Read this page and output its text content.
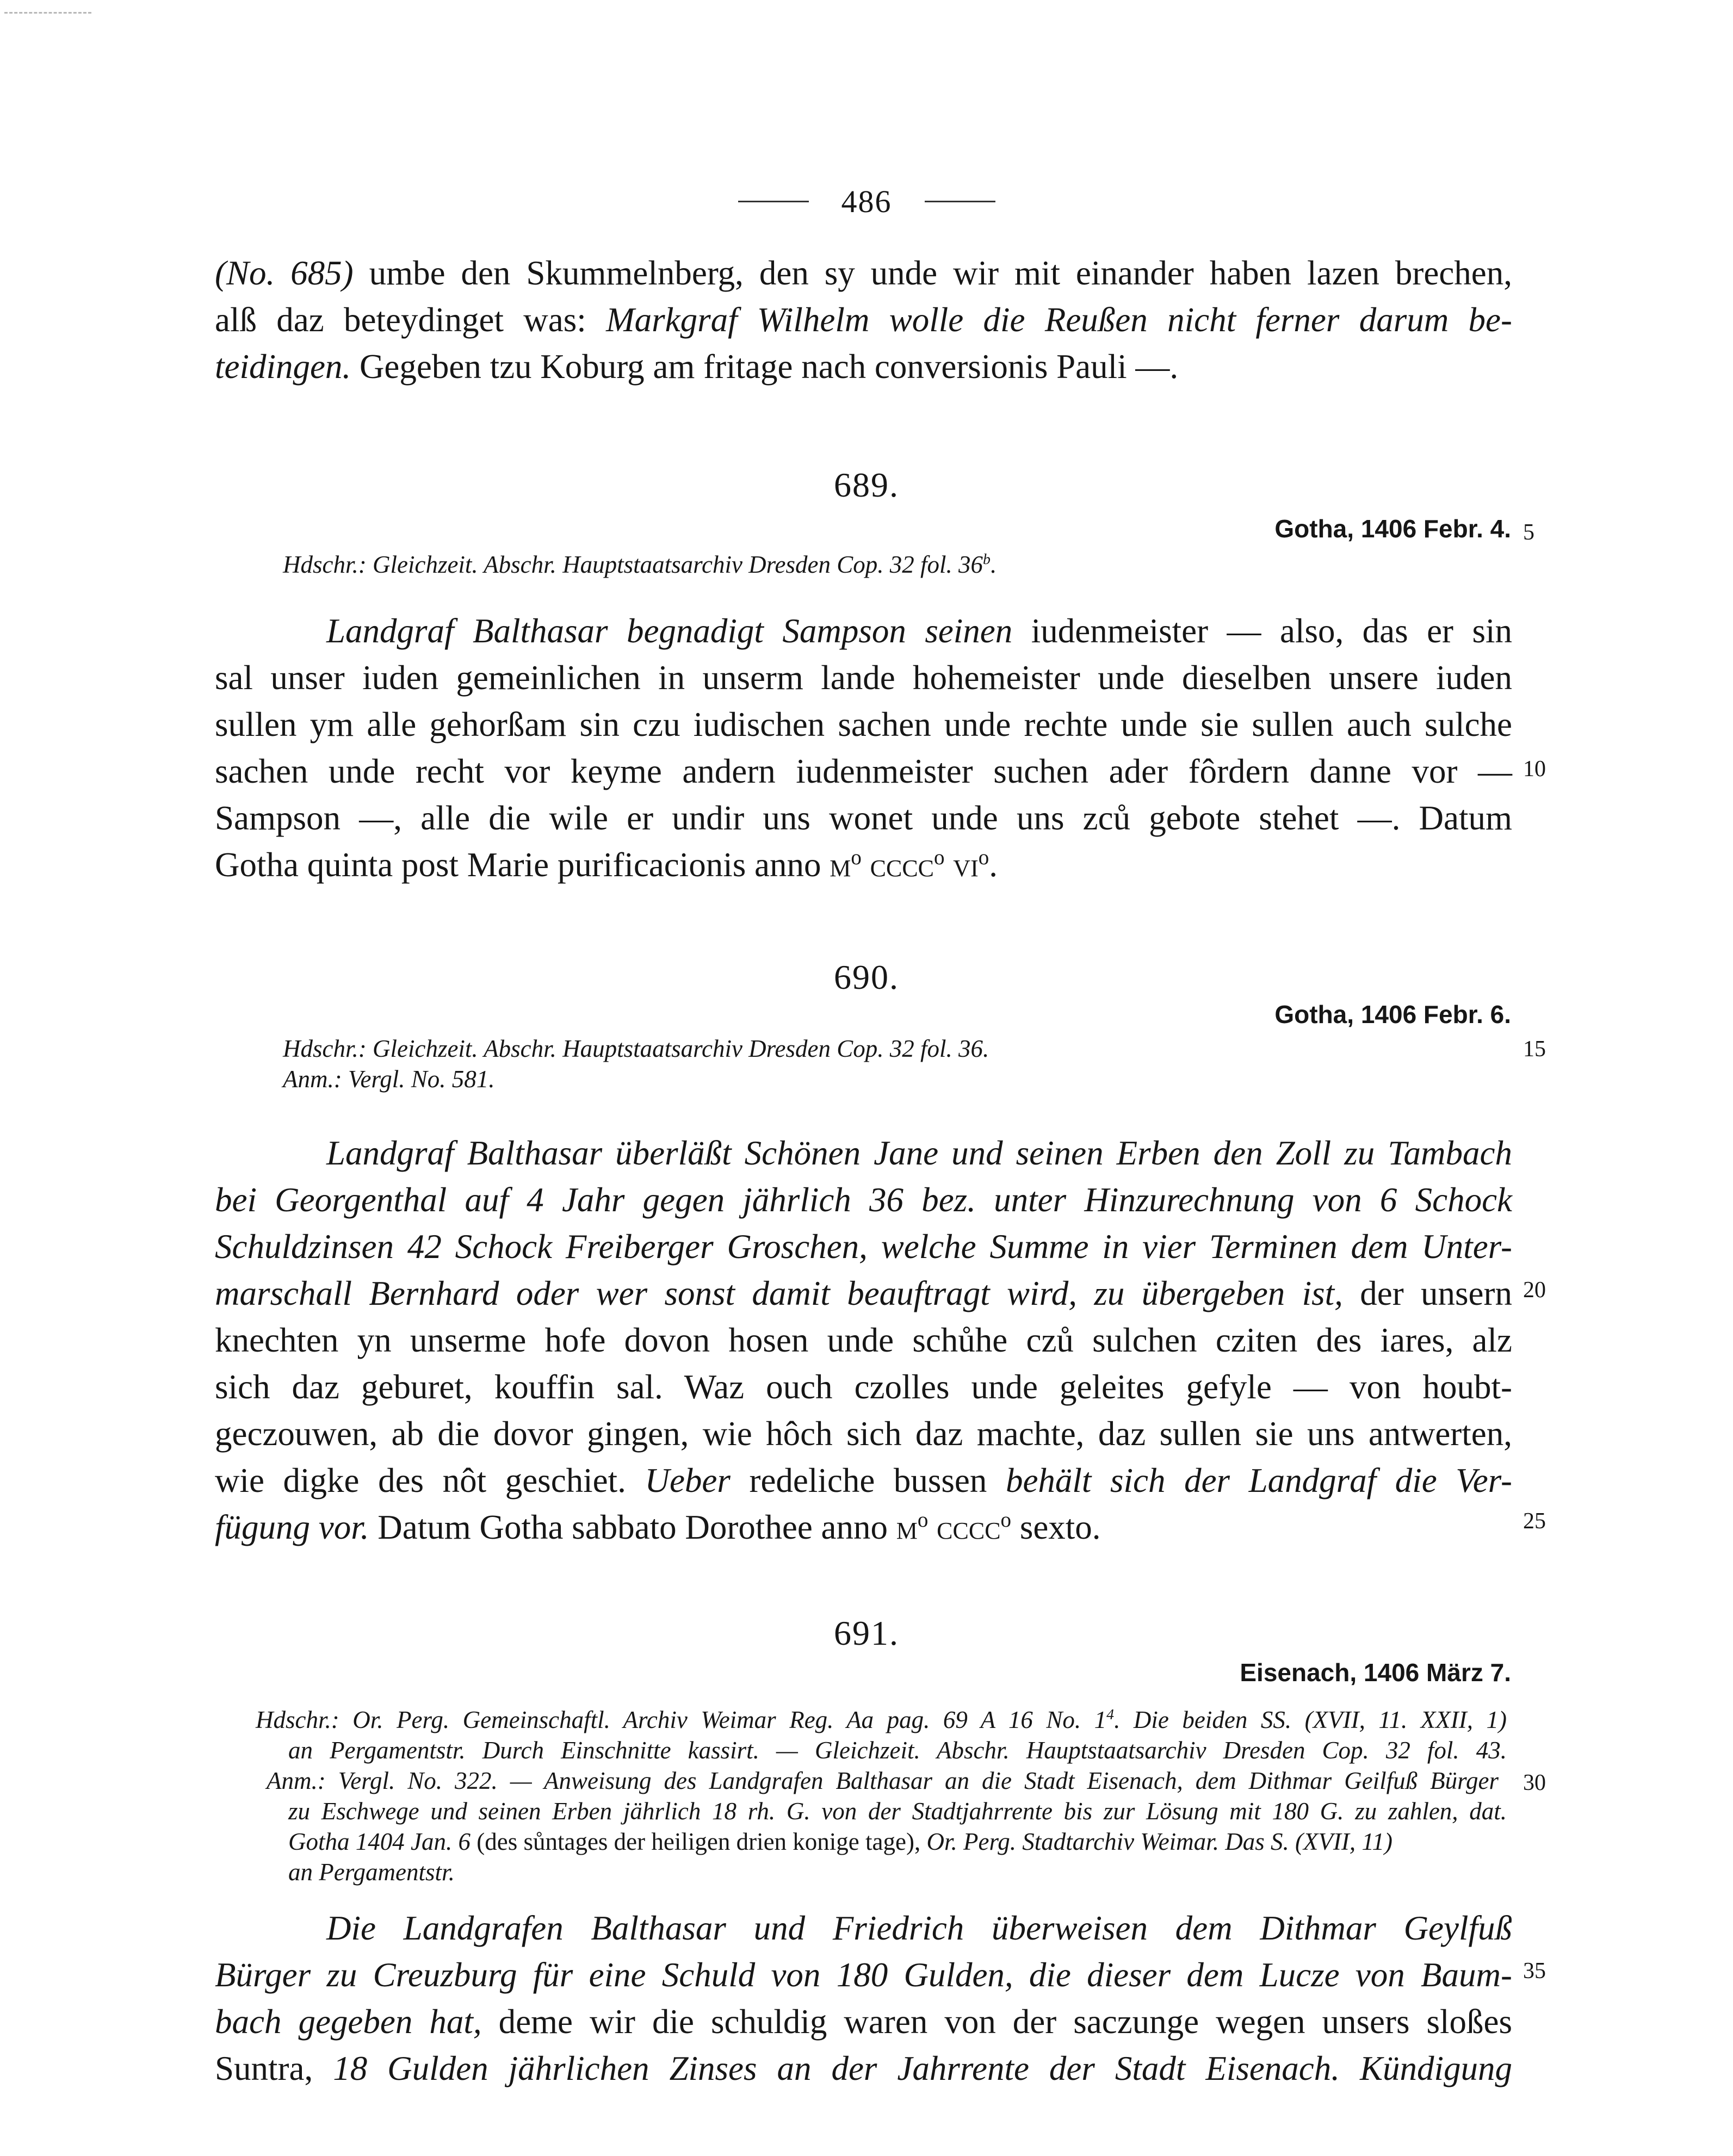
486
(No. 685) umbe den Skummelnberg, den sy unde wir mit einander haben lazen brechen,
alß daz beteydinget was: Markgraf Wilhelm wolle die Reußen nicht ferner darum be-
teidingen. Gegeben tzu Koburg am fritage nach conversionis Pauli —.
689.
Gotha, 1406 Febr. 4.
Hdschr.: Gleichzeit. Abschr. Hauptstaatsarchiv Dresden Cop. 32 fol. 36$^b$.
Landgraf Balthasar begnadigt Sampson seinen iudenmeister — also, das er sin
sal unser iuden gemeinlichen in unserm lande hohemeister unde dieselben unsere iuden
sullen ym alle gehorßam sin czu iudischen sachen unde rechte unde sie sullen auch sulche
sachen unde recht vor keyme andern iudenmeister suchen ader fôrdern danne vor —
Sampson —, alle die wile er undir uns wonet unde uns zců gebote stehet —. Datum
Gotha quinta post Marie purificacionis anno $m^o$ cccc$^o$ $vi^o$.
690.
Gotha, 1406 Febr. 6.
Hdschr.: Gleichzeit. Abschr. Hauptstaatsarchiv Dresden Cop. 32 fol. 36.
Anm.: Vergl. No. 581.
Landgraf Balthasar überläßt Schönen Jane und seinen Erben den Zoll zu Tambach
bei Georgenthal auf 4 Jahr gegen jährlich 36 bez. unter Hinzurechnung von 6 Schock
Schuldzinsen 42 Schock Freiberger Groschen, welche Summe in vier Terminen dem Unter-
marschall Bernhard oder wer sonst damit beauftragt wird, zu übergeben ist, der unsern
knechten yn unserme hofe dovon hosen unde schůhe czů sulchen cziten des iares, alz
sich daz geburet, kouffin sal. Waz ouch czolles unde geleites gefyle — von houbt-
geczouwen, ab die dovor gingen, wie hôch sich daz machte, daz sullen sie uns antwerten,
wie digke des nôt geschiet. Ueber redeliche bussen behält sich der Landgraf die Ver-
fügung vor. Datum Gotha sabbato Dorothee anno $m^o$ cccc$^o$ sexto.
691.
Eisenach, 1406 März 7.
Hdschr.: Or. Perg. Gemeinschaftl. Archiv Weimar Reg. Aa pag. 69 A 16 No. $1^4$. Die beiden SS. (XVII, 11. XXII, 1)
an Pergamentstr. Durch Einschnitte kassirt. — Gleichzeit. Abschr. Hauptstaatsarchiv Dresden Cop. 32 fol. 43.
Anm.: Vergl. No. 322. — Anweisung des Landgrafen Balthasar an die Stadt Eisenach, dem Dithmar Geilfuß Bürger
zu Eschwege und seinen Erben jährlich 18 rh. G. von der Stadtjahrrente bis zur Lösung mit 180 G. zu zahlen, dat.
Gotha 1404 Jan. 6 (des sůntages der heiligen drien konige tage), Or. Perg. Stadtarchiv Weimar. Das S. (XVII, 11)
an Pergamentstr.
Die Landgrafen Balthasar und Friedrich überweisen dem Dithmar Geylfuß
Bürger zu Creuzburg für eine Schuld von 180 Gulden, die dieser dem Lucze von Baum-
bach gegeben hat, deme wir die schuldig waren von der saczunge wegen unsers sloßes
Suntra, 18 Gulden jährlichen Zinses an der Jahrrente der Stadt Eisenach. Kündigung
5
10
15
20
25
30
35
